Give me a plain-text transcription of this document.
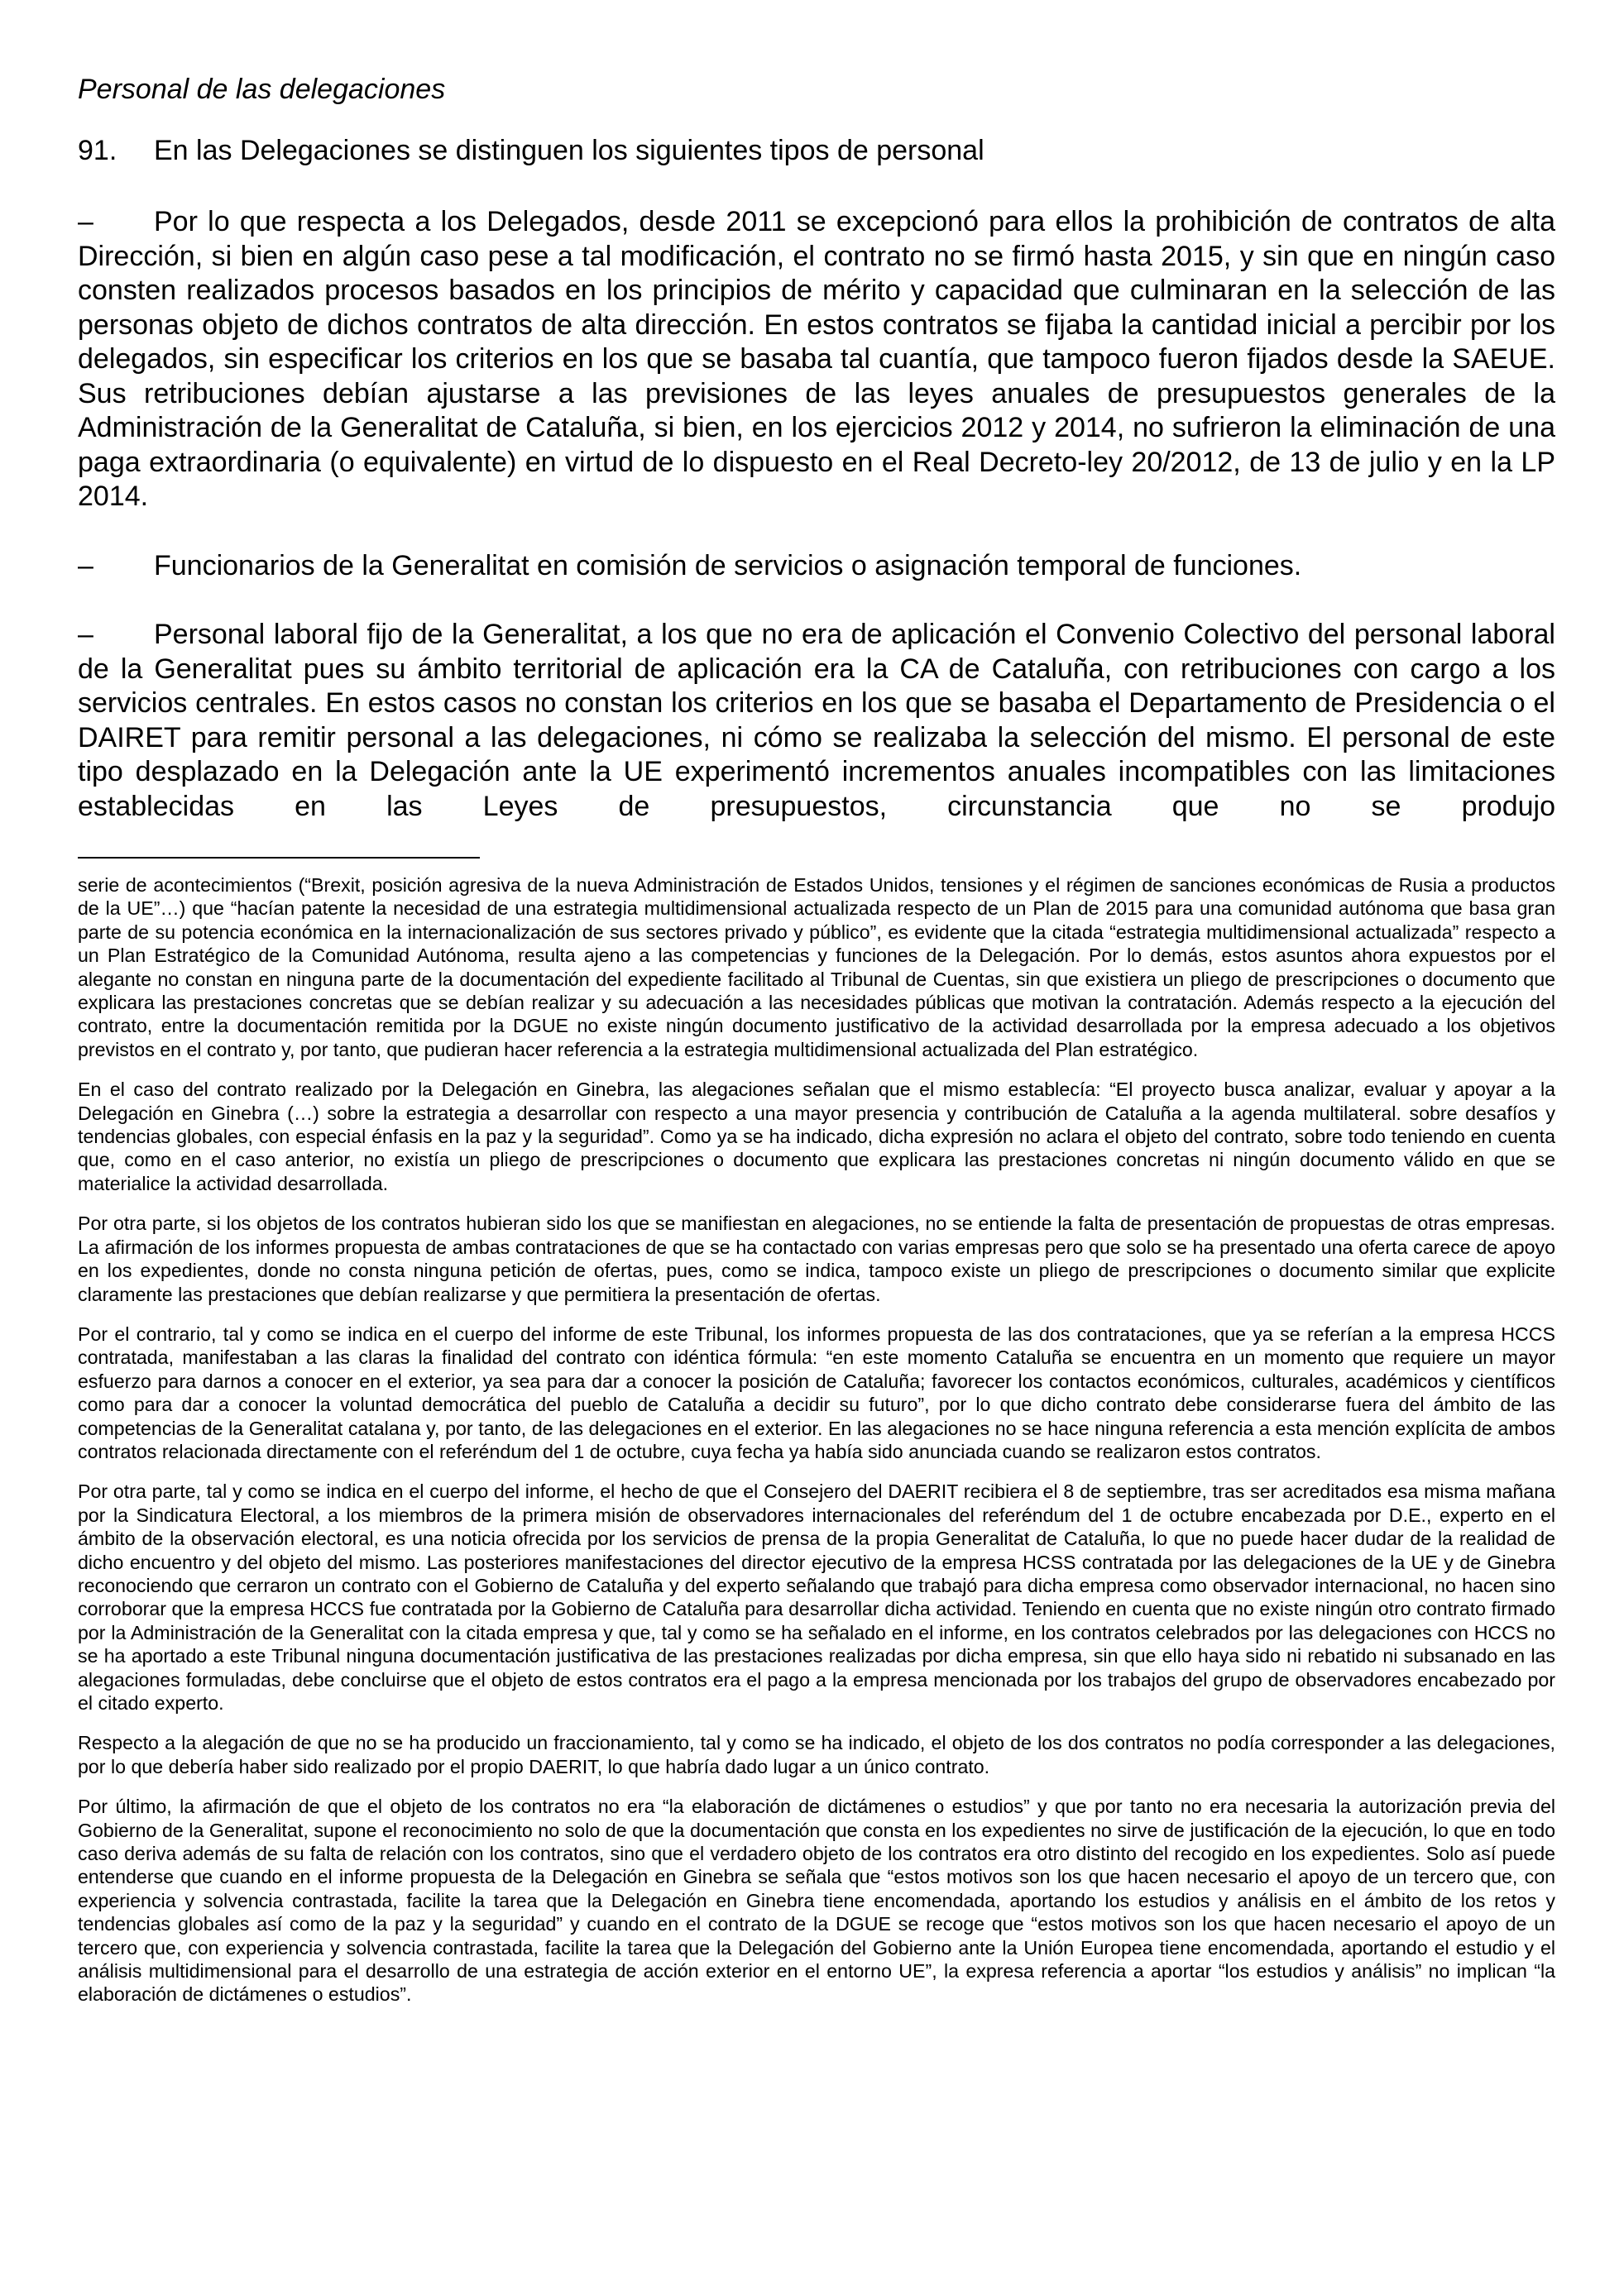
Personal de las delegaciones
91.	En las Delegaciones se distinguen los siguientes tipos de personal

– Por lo que respecta a los Delegados, desde 2011 se excepcionó para ellos la prohibición de contratos de alta Dirección, si bien en algún caso pese a tal modificación, el contrato no se firmó hasta 2015, y sin que en ningún caso consten realizados procesos basados en los principios de mérito y capacidad que culminaran en la selección de las personas objeto de dichos contratos de alta dirección. En estos contratos se fijaba la cantidad inicial a percibir por los delegados, sin especificar los criterios en los que se basaba tal cuantía, que tampoco fueron fijados desde la SAEUE. Sus retribuciones debían ajustarse a las previsiones de las leyes anuales de presupuestos generales de la Administración de la Generalitat de Cataluña, si bien, en los ejercicios 2012 y 2014, no sufrieron la eliminación de una paga extraordinaria (o equivalente) en virtud de lo dispuesto en el Real Decreto-ley 20/2012, de 13 de julio y en la LP 2014.

– Funcionarios de la Generalitat en comisión de servicios o asignación temporal de funciones.

– Personal laboral fijo de la Generalitat, a los que no era de aplicación el Convenio Colectivo del personal laboral de la Generalitat pues su ámbito territorial de aplicación era la CA de Cataluña, con retribuciones con cargo a los servicios centrales. En estos casos no constan los criterios en los que se basaba el Departamento de Presidencia o el DAIRET para remitir personal a las delegaciones, ni cómo se realizaba la selección del mismo. El personal de este tipo desplazado en la Delegación ante la UE experimentó incrementos anuales incompatibles con las limitaciones establecidas en las Leyes de presupuestos, circunstancia que no se produjo

serie de acontecimientos (“Brexit, posición agresiva de la nueva Administración de Estados Unidos, tensiones y el régimen de sanciones económicas de Rusia a productos de la UE”…) que “hacían patente la necesidad de una estrategia multidimensional actualizada respecto de un Plan de 2015 para una comunidad autónoma que basa gran parte de su potencia económica en la internacionalización de sus sectores privado y público”, es evidente que la citada “estrategia multidimensional actualizada” respecto a un Plan Estratégico de la Comunidad Autónoma, resulta ajeno a las competencias y funciones de la Delegación. Por lo demás, estos asuntos ahora expuestos por el alegante no constan en ninguna parte de la documentación del expediente facilitado al Tribunal de Cuentas, sin que existiera un pliego de prescripciones o documento que explicara las prestaciones concretas que se debían realizar y su adecuación a las necesidades públicas que motivan la contratación. Además respecto a la ejecución del contrato, entre la documentación remitida por la DGUE no existe ningún documento justificativo de la actividad desarrollada por la empresa adecuado a los objetivos previstos en el contrato y, por tanto, que pudieran hacer referencia a la estrategia multidimensional actualizada del Plan estratégico.

En el caso del contrato realizado por la Delegación en Ginebra, las alegaciones señalan que el mismo establecía: “El proyecto busca analizar, evaluar y apoyar a la Delegación en Ginebra (…) sobre la estrategia a desarrollar con respecto a una mayor presencia y contribución de Cataluña a la agenda multilateral. sobre desafíos y tendencias globales, con especial énfasis en la paz y la seguridad”. Como ya se ha indicado, dicha expresión no aclara el objeto del contrato, sobre todo teniendo en cuenta que, como en el caso anterior, no existía un pliego de prescripciones o documento que explicara las prestaciones concretas ni ningún documento válido en que se materialice la actividad desarrollada.

Por otra parte, si los objetos de los contratos hubieran sido los que se manifiestan en alegaciones, no se entiende la falta de presentación de propuestas de otras empresas. La afirmación de los informes propuesta de ambas contrataciones de que se ha contactado con varias empresas pero que solo se ha presentado una oferta carece de apoyo en los expedientes, donde no consta ninguna petición de ofertas, pues, como se indica, tampoco existe un pliego de prescripciones o documento similar que explicite claramente las prestaciones que debían realizarse y que permitiera la presentación de ofertas.

Por el contrario, tal y como se indica en el cuerpo del informe de este Tribunal, los informes propuesta de las dos contrataciones, que ya se referían a la empresa HCCS contratada, manifestaban a las claras la finalidad del contrato con idéntica fórmula: “en este momento Cataluña se encuentra en un momento que requiere un mayor esfuerzo para darnos a conocer en el exterior, ya sea para dar a conocer la posición de Cataluña; favorecer los contactos económicos, culturales, académicos y científicos como para dar a conocer la voluntad democrática del pueblo de Cataluña a decidir su futuro”, por lo que dicho contrato debe considerarse fuera del ámbito de las competencias de la Generalitat catalana y, por tanto, de las delegaciones en el exterior. En las alegaciones no se hace ninguna referencia a esta mención explícita de ambos contratos relacionada directamente con el referéndum del 1 de octubre, cuya fecha ya había sido anunciada cuando se realizaron estos contratos.

Por otra parte, tal y como se indica en el cuerpo del informe, el hecho de que el Consejero del DAERIT recibiera el 8 de septiembre, tras ser acreditados esa misma mañana por la Sindicatura Electoral, a los miembros de la primera misión de observadores internacionales del referéndum del 1 de octubre encabezada por D.E., experto en el ámbito de la observación electoral, es una noticia ofrecida por los servicios de prensa de la propia Generalitat de Cataluña, lo que no puede hacer dudar de la realidad de dicho encuentro y del objeto del mismo. Las posteriores manifestaciones del director ejecutivo de la empresa HCSS contratada por las delegaciones de la UE y de Ginebra reconociendo que cerraron un contrato con el Gobierno de Cataluña y del experto señalando que trabajó para dicha empresa como observador internacional, no hacen sino corroborar que la empresa HCCS fue contratada por la Gobierno de Cataluña para desarrollar dicha actividad. Teniendo en cuenta que no existe ningún otro contrato firmado por la Administración de la Generalitat con la citada empresa y que, tal y como se ha señalado en el informe, en los contratos celebrados por las delegaciones con HCCS no se ha aportado a este Tribunal ninguna documentación justificativa de las prestaciones realizadas por dicha empresa, sin que ello haya sido ni rebatido ni subsanado en las alegaciones formuladas, debe concluirse que el objeto de estos contratos era el pago a la empresa mencionada por los trabajos del grupo de observadores encabezado por el citado experto.

Respecto a la alegación de que no se ha producido un fraccionamiento, tal y como se ha indicado, el objeto de los dos contratos no podía corresponder a las delegaciones, por lo que debería haber sido realizado por el propio DAERIT, lo que habría dado lugar a un único contrato.

Por último, la afirmación de que el objeto de los contratos no era “la elaboración de dictámenes o estudios” y que por tanto no era necesaria la autorización previa del Gobierno de la Generalitat, supone el reconocimiento no solo de que la documentación que consta en los expedientes no sirve de justificación de la ejecución, lo que en todo caso deriva además de su falta de relación con los contratos, sino que el verdadero objeto de los contratos era otro distinto del recogido en los expedientes. Solo así puede entenderse que cuando en el informe propuesta de la Delegación en Ginebra se señala que “estos motivos son los que hacen necesario el apoyo de un tercero que, con experiencia y solvencia contrastada, facilite la tarea que la Delegación en Ginebra tiene encomendada, aportando los estudios y análisis en el ámbito de los retos y tendencias globales así como de la paz y la seguridad” y cuando en el contrato de la DGUE se recoge que “estos motivos son los que hacen necesario el apoyo de un tercero que, con experiencia y solvencia contrastada, facilite la tarea que la Delegación del Gobierno ante la Unión Europea tiene encomendada, aportando el estudio y el análisis multidimensional para el desarrollo de una estrategia de acción exterior en el entorno UE”, la expresa referencia a aportar “los estudios y análisis” no implican “la elaboración de dictámenes o estudios”.
